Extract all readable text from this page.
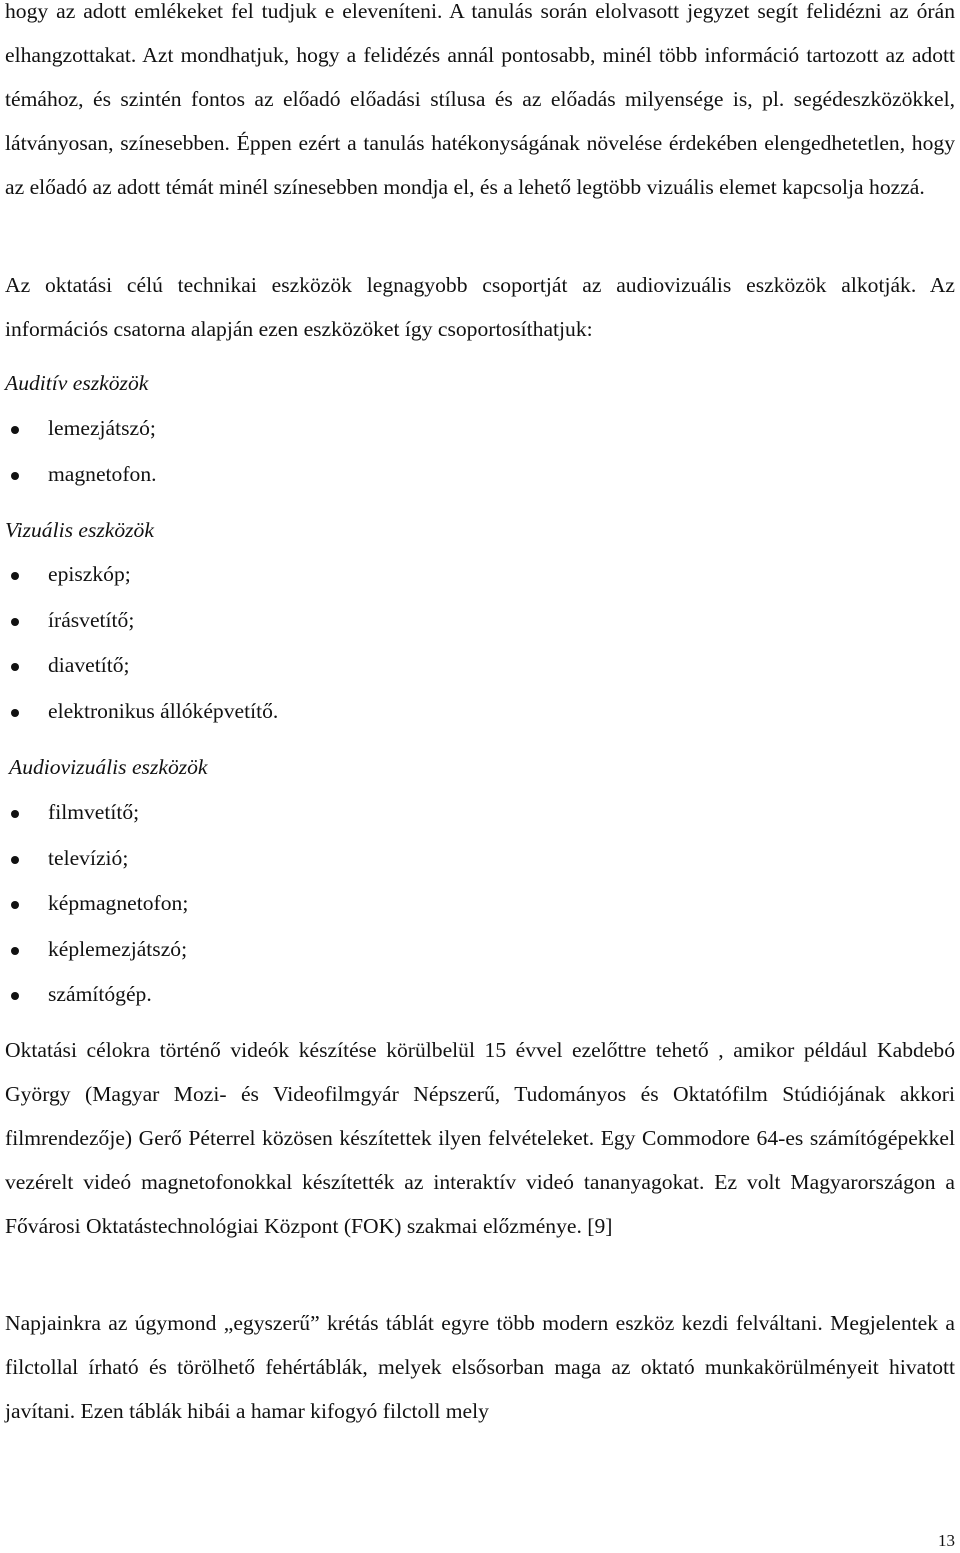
hogy az adott emlékeket fel tudjuk e eleveníteni. A tanulás során elolvasott jegyzet segít felidézni az órán elhangzottakat. Azt mondhatjuk, hogy a felidézés annál pontosabb, minél több információ tartozott az adott témához, és szintén fontos az előadó előadási stílusa és az előadás milyensége is, pl. segédeszközökkel, látványosan, színesebben. Éppen ezért a tanulás hatékonyságának növelése érdekében elengedhetetlen, hogy az előadó az adott témát minél színesebben mondja el, és a lehető legtöbb vizuális elemet kapcsolja hozzá.

Az oktatási célú technikai eszközök legnagyobb csoportját az audiovizuális eszközök alkotják. Az információs csatorna alapján ezen eszközöket így csoportosíthatjuk:

Auditív eszközök
lemezjátszó;
magnetofon.
Vizuális eszközök
episzkóp;
írásvetítő;
diavetítő;
elektronikus állóképvetítő.
Audiovizuális eszközök
filmvetítő;
televízió;
képmagnetofon;
képlemezjátszó;
számítógép.

Oktatási célokra történő videók készítése körülbelül 15 évvel ezelőttre tehető , amikor például Kabdebó György (Magyar Mozi- és Videofilmgyár Népszerű, Tudományos és Oktatófilm Stúdiójának akkori filmrendezője) Gerő Péterrel közösen készítettek ilyen felvételeket. Egy Commodore 64-es számítógépekkel vezérelt videó magnetofonokkal készítették az interaktív videó tananyagokat. Ez volt Magyarországon a Fővárosi Oktatástechnológiai Központ (FOK) szakmai előzménye. [9]

Napjainkra az úgymond „egyszerű” krétás táblát egyre több modern eszköz kezdi felváltani. Megjelentek a filctollal írható és törölhető fehértáblák, melyek elsősorban maga az oktató munkakörülményeit hivatott javítani. Ezen táblák hibái a hamar kifogyó filctoll mely

13
